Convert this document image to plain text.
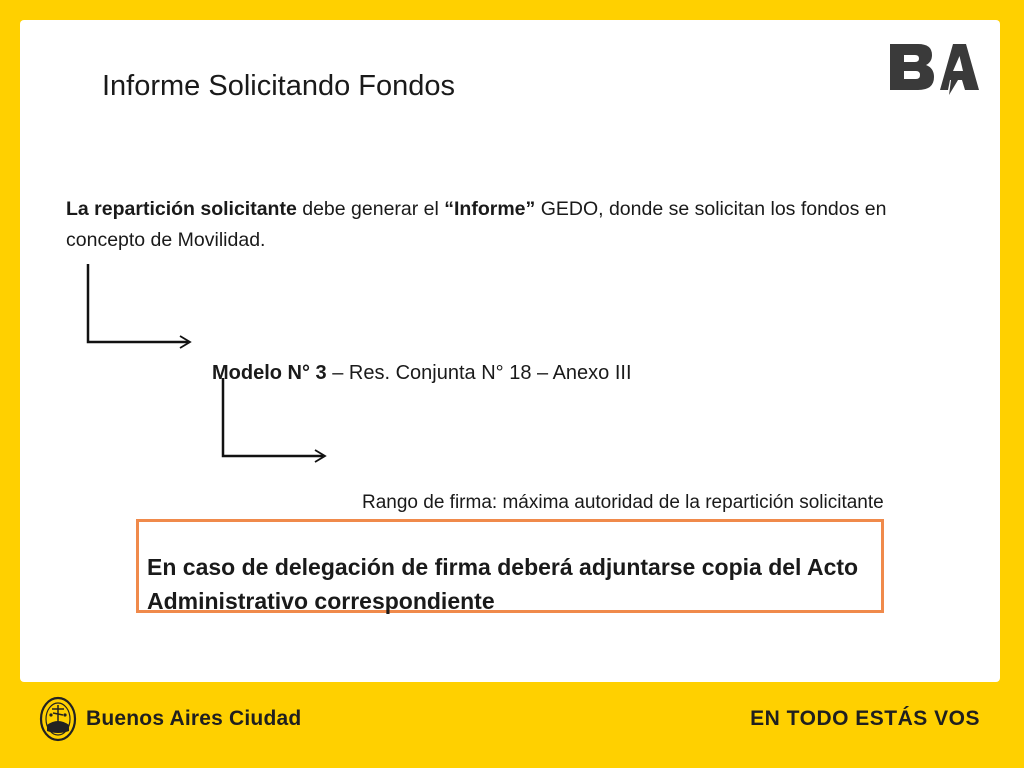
Informe Solicitando Fondos
La repartición solicitante debe generar el “Informe” GEDO, donde se solicitan los fondos en concepto de Movilidad.
Modelo N° 3 – Res. Conjunta N° 18 – Anexo III
Rango de firma: máxima autoridad de la repartición solicitante
En caso de delegación de firma deberá adjuntarse copia del Acto Administrativo correspondiente
Buenos Aires Ciudad	EN TODO ESTÁS VOS
